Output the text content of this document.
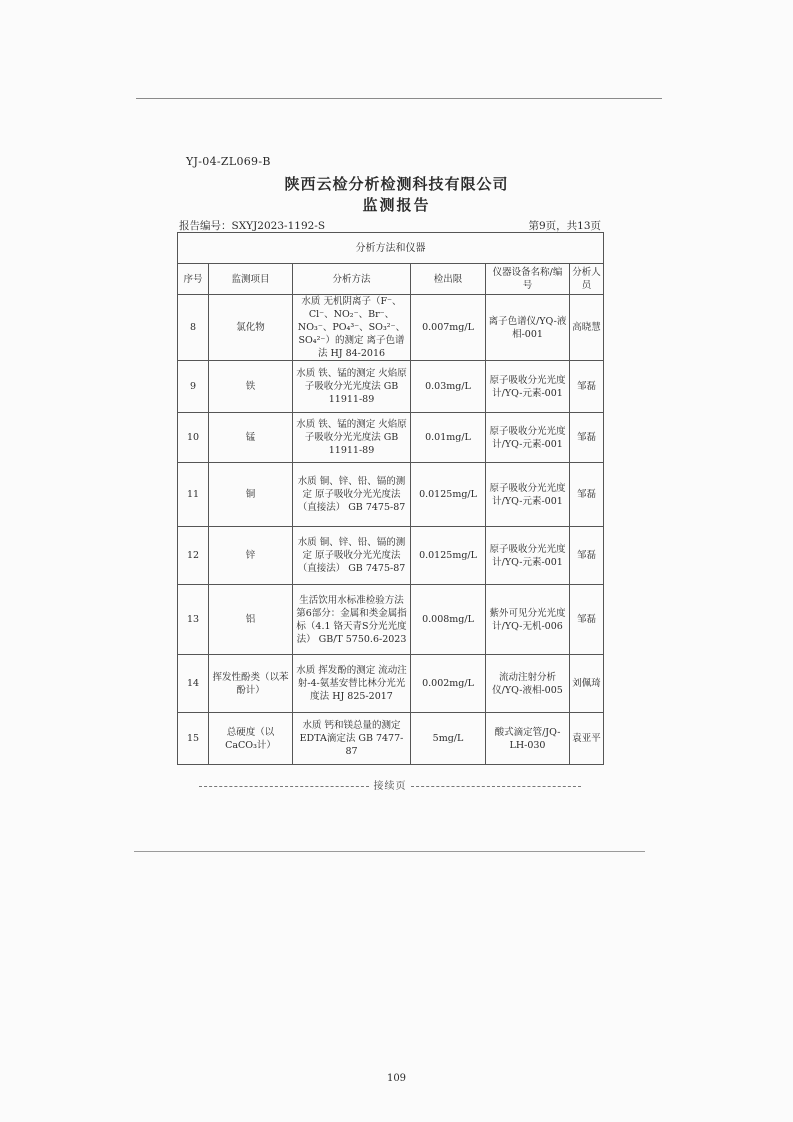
YJ-04-ZL069-B
陕西云检分析检测科技有限公司
监测报告
报告编号：SXYJ2023-1192-S	第9页，共13页
分析方法和仪器					
序号	监测项目	分析方法	检出限	仪器设备名称/编号	分析人员
8	氯化物	水质 无机阴离子（F⁻、Cl⁻、NO₂⁻、Br⁻、NO₃⁻、PO₄³⁻、SO₃²⁻、SO₄²⁻）的测定 离子色谱法 HJ 84-2016	0.007mg/L	离子色谱仪/YQ-液相-001	高晓慧
9	铁	水质 铁、锰的测定 火焰原子吸收分光光度法 GB 11911-89	0.03mg/L	原子吸收分光光度计/YQ-元素-001	邹磊
10	锰	水质 铁、锰的测定 火焰原子吸收分光光度法 GB 11911-89	0.01mg/L	原子吸收分光光度计/YQ-元素-001	邹磊
11	铜	水质 铜、锌、铅、镉的测定 原子吸收分光光度法 （直接法） GB 7475-87	0.0125mg/L	原子吸收分光光度计/YQ-元素-001	邹磊
12	锌	水质 铜、锌、铅、镉的测定 原子吸收分光光度法 （直接法） GB 7475-87	0.0125mg/L	原子吸收分光光度计/YQ-元素-001	邹磊
13	铝	生活饮用水标准检验方法 第6部分：金属和类金属指标（4.1 铬天青S分光光度法） GB/T 5750.6-2023	0.008mg/L	紫外可见分光光度计/YQ-无机-006	邹磊
14	挥发性酚类（以苯酚计）	水质 挥发酚的测定 流动注射-4-氨基安替比林分光光度法 HJ 825-2017	0.002mg/L	流动注射分析仪/YQ-液相-005	刘佩琦
15	总硬度（以CaCO₃计）	水质 钙和镁总量的测定 EDTA滴定法 GB 7477-87	5mg/L	酸式滴定管/JQ-LH-030	袁亚平
接续页
109
